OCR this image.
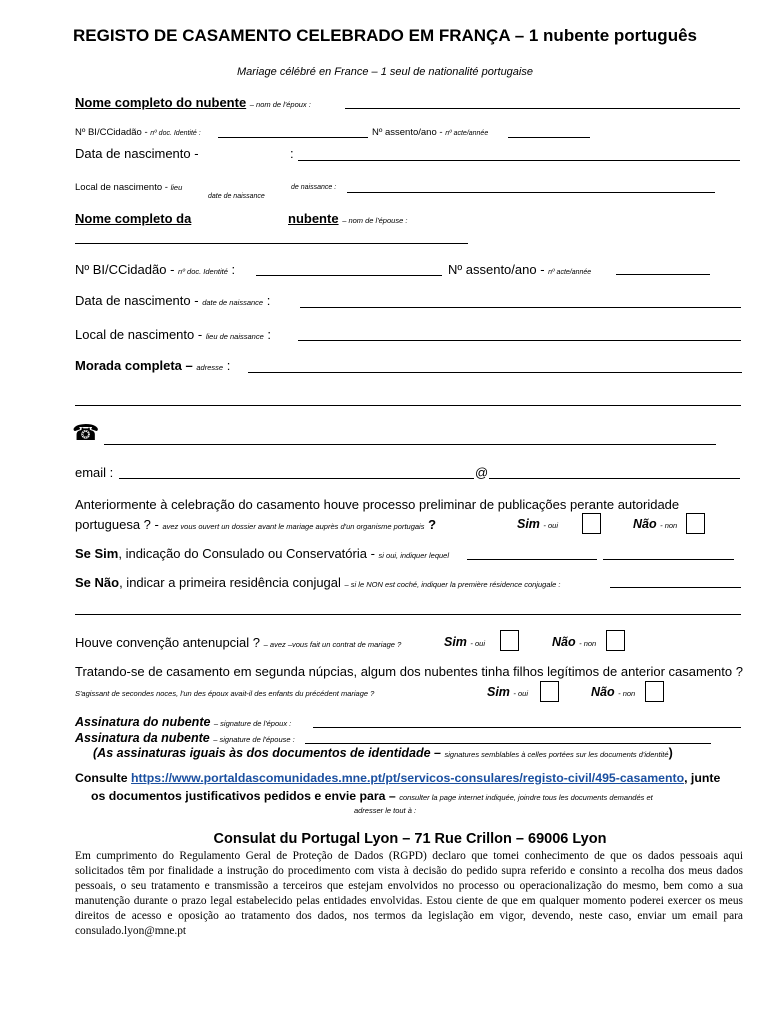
REGISTO DE CASAMENTO CELEBRADO EM FRANÇA – 1 nubente português
Mariage célébré en France – 1 seul de nationalité portugaise
Nome completo do nubente – nom de l'époux :
Nº BI/CCidadão - nº doc. Identité :	Nº assento/ano - nº acte/année
Data de nascimento -	:
Local de nascimento - lieu
date de naissance
de naissance :
Nome completo da	nubente – nom de l'épouse :
Nº BI/CCidadão - nº doc. Identité :	Nº assento/ano - nº acte/année
Data de nascimento - date de naissance :
Local de nascimento - lieu de naissance :
Morada completa – adresse :
☎
email :	@
Anteriormente à celebração do casamento houve processo preliminar de publicações perante autoridade
portuguesa ? - avez vous ouvert un dossier avant le mariage auprès d'un organisme portugais ?	Sim - oui	Não - non
Se Sim, indicação do Consulado ou Conservatória - si oui, indiquer lequel
Se Não, indicar a primeira residência conjugal – si le NON est coché, indiquer la première résidence conjugale :
Houve convenção antenupcial ? – avez –vous fait un contrat de mariage ?	Sim - oui	Não - non
Tratando-se de casamento em segunda núpcias, algum dos nubentes tinha filhos legítimos de anterior casamento ?
S'agissant de secondes noces, l'un des époux avait-il des enfants du précédent mariage ?	Sim - oui	Não - non
Assinatura do nubente – signature de l'époux :
Assinatura da nubente – signature de l'épouse :
(As assinaturas iguais às dos documentos de identidade – signatures semblables à celles portées sur les documents d'identité)
Consulte https://www.portaldascomunidades.mne.pt/pt/servicos-consulares/registo-civil/495-casamento, junte
os documentos justificativos pedidos e envie para – consulter la page internet indiquée, joindre tous les documents demandés et
adresser le tout à :
Consulat du Portugal Lyon – 71 Rue Crillon – 69006 Lyon
Em cumprimento do Regulamento Geral de Proteção de Dados (RGPD) declaro que tomei conhecimento de que os dados pessoais aqui solicitados têm por finalidade a instrução do procedimento com vista à decisão do pedido supra referido e consinto a recolha dos meus dados pessoais, o seu tratamento e transmissão a terceiros que estejam envolvidos no processo ou operacionalização do mesmo, bem como a sua manutenção durante o prazo legal estabelecido pelas entidades envolvidas. Estou ciente de que em qualquer momento poderei exercer os meus direitos de acesso e oposição ao tratamento dos dados, nos termos da legislação em vigor, devendo, neste caso, enviar um email para consulado.lyon@mne.pt
